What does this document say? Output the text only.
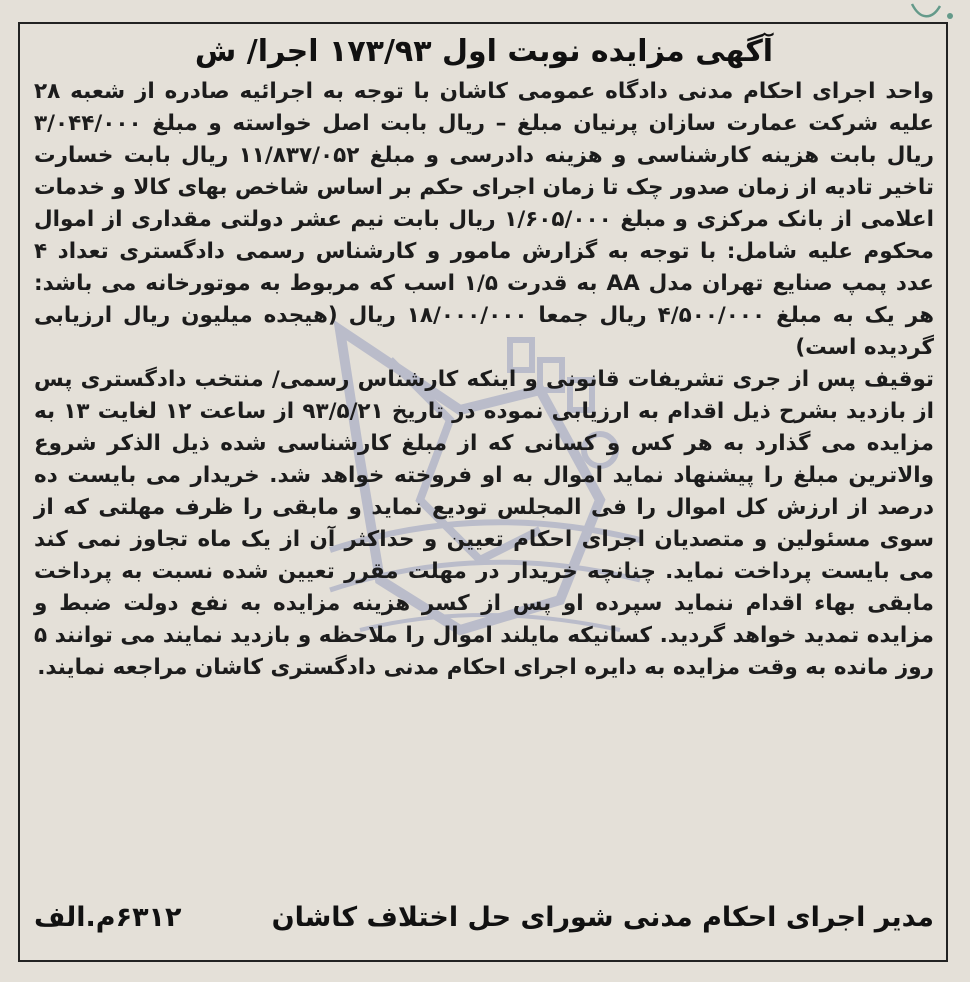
آگهی مزایده نوبت اول ۱۷۳/۹۳ اجرا/ ش

واحد اجرای احکام مدنی دادگاه عمومی کاشان با توجه به اجرائیه صادره از شعبه ۲۸ علیه شرکت عمارت سازان پرنیان مبلغ – ریال بابت اصل خواسته و مبلغ ۳/۰۴۴/۰۰۰ ریال بابت هزینه کارشناسی و هزینه دادرسی و مبلغ ۱۱/۸۳۷/۰۵۲ ریال بابت خسارت تاخیر تادیه از زمان صدور چک تا زمان اجرای حکم بر اساس شاخص بهای کالا و خدمات اعلامی از بانک مرکزی و مبلغ ۱/۶۰۵/۰۰۰ ریال بابت نیم عشر دولتی مقداری از اموال محکوم علیه شامل: با توجه به گزارش مامور و کارشناس رسمی دادگستری تعداد ۴ عدد پمپ صنایع تهران مدل AA به قدرت ۱/۵ اسب که مربوط به موتورخانه می باشد: هر یک به مبلغ ۴/۵۰۰/۰۰۰ ریال جمعا ۱۸/۰۰۰/۰۰۰ ریال (هیجده میلیون ریال ارزیابی گردیده است)

توقیف پس از جری تشریفات قانونی و اینکه کارشناس رسمی/ منتخب دادگستری پس از بازدید بشرح ذیل اقدام به ارزیابی نموده در تاریخ ۹۳/۵/۲۱ از ساعت ۱۲ لغایت ۱۳ به مزایده می گذارد به هر کس و کسانی که از مبلغ کارشناسی شده ذیل الذکر شروع والاترین مبلغ را پیشنهاد نماید اموال به او فروخته خواهد شد. خریدار می بایست ده درصد از ارزش کل اموال را فی المجلس تودیع نماید و مابقی را ظرف مهلتی که از سوی مسئولین و متصدیان اجرای احکام تعیین و حداکثر آن از یک ماه تجاوز نمی کند می بایست پرداخت نماید. چنانچه خریدار در مهلت مقرر تعیین شده نسبت به پرداخت مابقی بهاء اقدام ننماید سپرده او پس از کسر هزینه مزایده به نفع دولت ضبط و مزایده تمدید خواهد گردید. کسانیکه مایلند اموال را ملاحظه و بازدید نمایند می توانند ۵ روز مانده به وقت مزایده به دایره اجرای احکام مدنی دادگستری کاشان مراجعه نمایند.

مدیر اجرای احکام مدنی شورای حل اختلاف کاشان
۶۳۱۲م.الف
